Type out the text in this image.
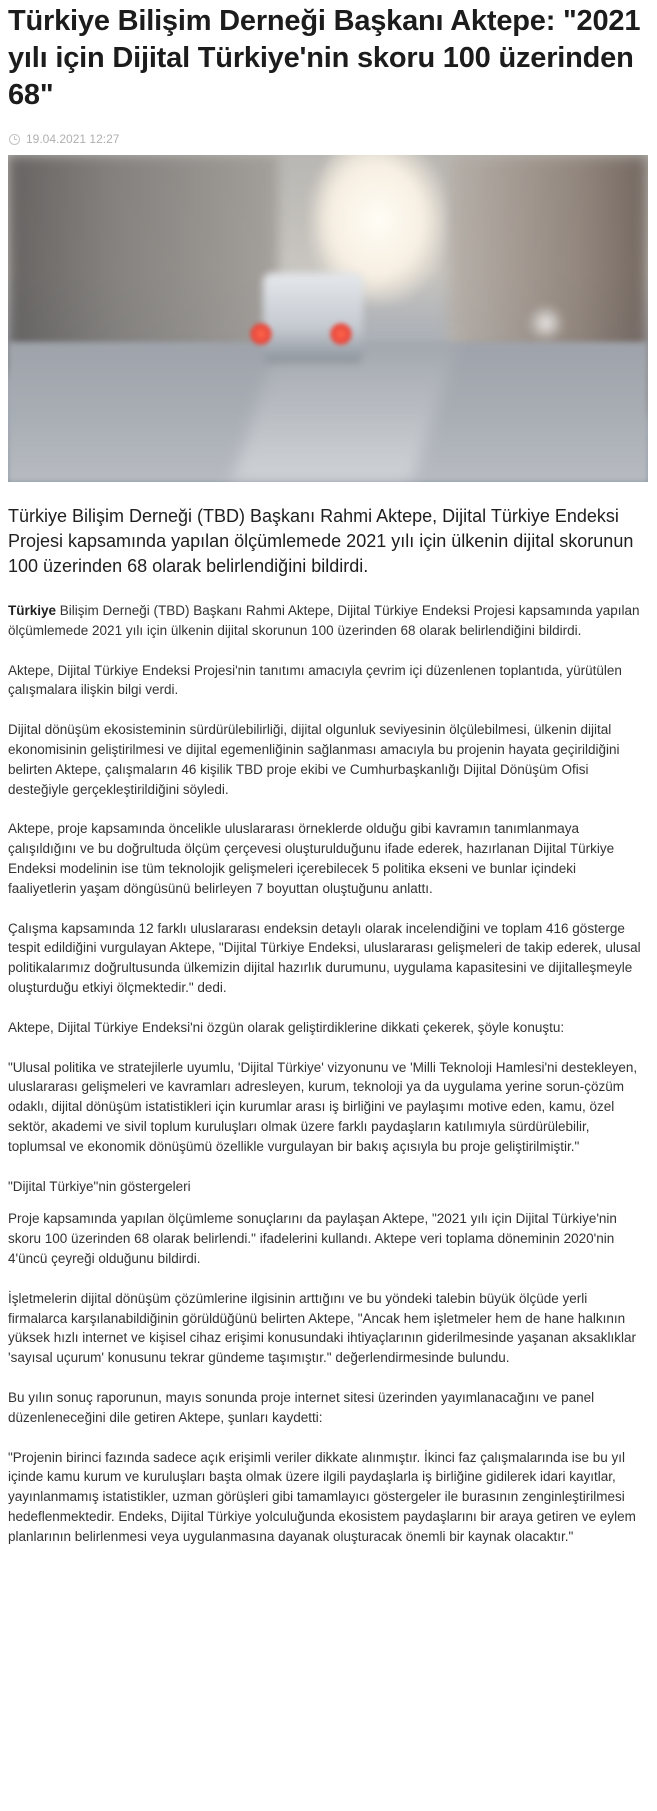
Türkiye Bilişim Derneği Başkanı Aktepe: "2021 yılı için Dijital Türkiye'nin skoru 100 üzerinden 68"
19.04.2021 12:27

Türkiye Bilişim Derneği (TBD) Başkanı Rahmi Aktepe, Dijital Türkiye Endeksi Projesi kapsamında yapılan ölçümlemede 2021 yılı için ülkenin dijital skorunun 100 üzerinden 68 olarak belirlendiğini bildirdi.

Türkiye Bilişim Derneği (TBD) Başkanı Rahmi Aktepe, Dijital Türkiye Endeksi Projesi kapsamında yapılan ölçümlemede 2021 yılı için ülkenin dijital skorunun 100 üzerinden 68 olarak belirlendiğini bildirdi.

Aktepe, Dijital Türkiye Endeksi Projesi'nin tanıtımı amacıyla çevrim içi düzenlenen toplantıda, yürütülen çalışmalara ilişkin bilgi verdi.

Dijital dönüşüm ekosisteminin sürdürülebilirliği, dijital olgunluk seviyesinin ölçülebilmesi, ülkenin dijital ekonomisinin geliştirilmesi ve dijital egemenliğinin sağlanması amacıyla bu projenin hayata geçirildiğini belirten Aktepe, çalışmaların 46 kişilik TBD proje ekibi ve Cumhurbaşkanlığı Dijital Dönüşüm Ofisi desteğiyle gerçekleştirildiğini söyledi.

Aktepe, proje kapsamında öncelikle uluslararası örneklerde olduğu gibi kavramın tanımlanmaya çalışıldığını ve bu doğrultuda ölçüm çerçevesi oluşturulduğunu ifade ederek, hazırlanan Dijital Türkiye Endeksi modelinin ise tüm teknolojik gelişmeleri içerebilecek 5 politika ekseni ve bunlar içindeki faaliyetlerin yaşam döngüsünü belirleyen 7 boyuttan oluştuğunu anlattı.

Çalışma kapsamında 12 farklı uluslararası endeksin detaylı olarak incelendiğini ve toplam 416 gösterge tespit edildiğini vurgulayan Aktepe, "Dijital Türkiye Endeksi, uluslararası gelişmeleri de takip ederek, ulusal politikalarımız doğrultusunda ülkemizin dijital hazırlık durumunu, uygulama kapasitesini ve dijitalleşmeyle oluşturduğu etkiyi ölçmektedir." dedi.

Aktepe, Dijital Türkiye Endeksi'ni özgün olarak geliştirdiklerine dikkati çekerek, şöyle konuştu:

"Ulusal politika ve stratejilerle uyumlu, 'Dijital Türkiye' vizyonunu ve 'Milli Teknoloji Hamlesi'ni destekleyen, uluslararası gelişmeleri ve kavramları adresleyen, kurum, teknoloji ya da uygulama yerine sorun-çözüm odaklı, dijital dönüşüm istatistikleri için kurumlar arası iş birliğini ve paylaşımı motive eden, kamu, özel sektör, akademi ve sivil toplum kuruluşları olmak üzere farklı paydaşların katılımıyla sürdürülebilir, toplumsal ve ekonomik dönüşümü özellikle vurgulayan bir bakış açısıyla bu proje geliştirilmiştir."

"Dijital Türkiye"nin göstergeleri

Proje kapsamında yapılan ölçümleme sonuçlarını da paylaşan Aktepe, "2021 yılı için Dijital Türkiye'nin skoru 100 üzerinden 68 olarak belirlendi." ifadelerini kullandı. Aktepe veri toplama döneminin 2020'nin 4'üncü çeyreği olduğunu bildirdi.

İşletmelerin dijital dönüşüm çözümlerine ilgisinin arttığını ve bu yöndeki talebin büyük ölçüde yerli firmalarca karşılanabildiğinin görüldüğünü belirten Aktepe, "Ancak hem işletmeler hem de hane halkının yüksek hızlı internet ve kişisel cihaz erişimi konusundaki ihtiyaçlarının giderilmesinde yaşanan aksaklıklar 'sayısal uçurum' konusunu tekrar gündeme taşımıştır." değerlendirmesinde bulundu.

Bu yılın sonuç raporunun, mayıs sonunda proje internet sitesi üzerinden yayımlanacağını ve panel düzenleneceğini dile getiren Aktepe, şunları kaydetti:

"Projenin birinci fazında sadece açık erişimli veriler dikkate alınmıştır. İkinci faz çalışmalarında ise bu yıl içinde kamu kurum ve kuruluşları başta olmak üzere ilgili paydaşlarla iş birliğine gidilerek idari kayıtlar, yayınlanmamış istatistikler, uzman görüşleri gibi tamamlayıcı göstergeler ile burasının zenginleştirilmesi hedeflenmektedir. Endeks, Dijital Türkiye yolculuğunda ekosistem paydaşlarını bir araya getiren ve eylem planlarının belirlenmesi veya uygulanmasına dayanak oluşturacak önemli bir kaynak olacaktır."
